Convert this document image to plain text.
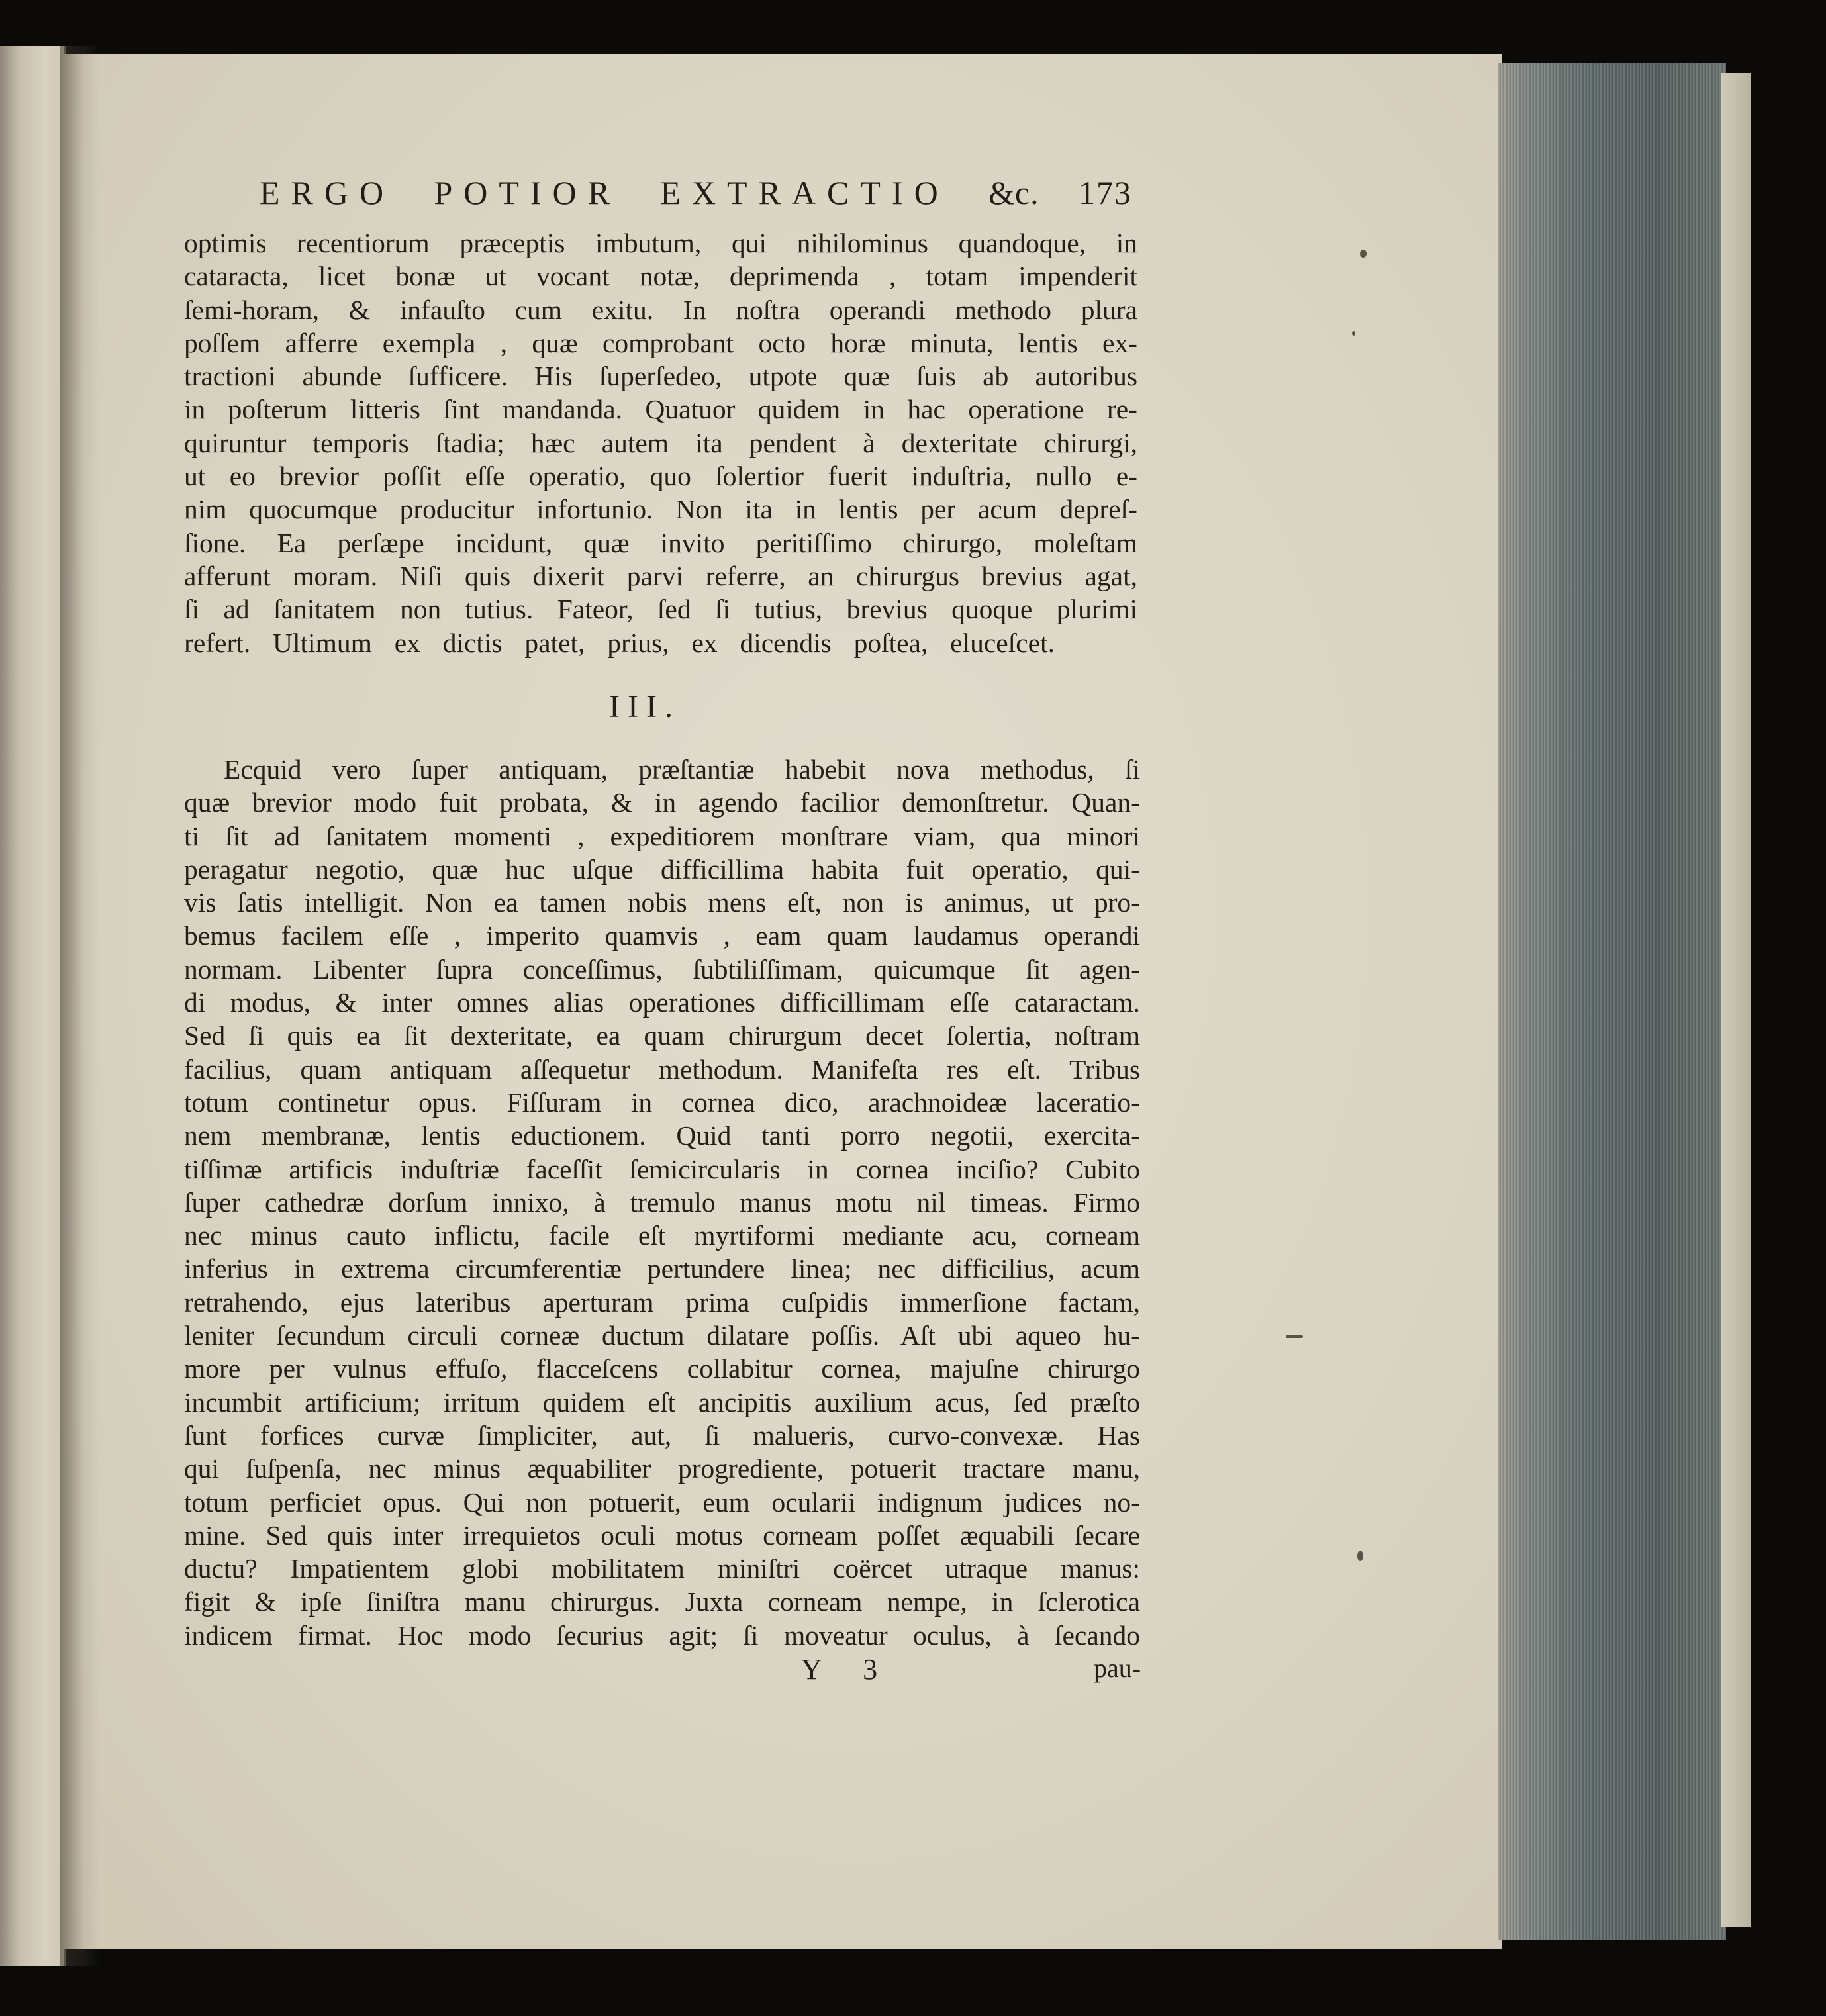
ERGO POTIOR EXTRACTIO &c. 173

optimis recentiorum præceptis imbutum, qui nihilominus quandoque, in
cataracta, licet bonæ ut vocant notæ, deprimenda , totam impenderit
ſemi-horam, & infauſto cum exitu. In noſtra operandi methodo plura
poſſem afferre exempla , quæ comprobant octo horæ minuta, lentis ex-
tractioni abunde ſufficere. His ſuperſedeo, utpote quæ ſuis ab autoribus
in poſterum litteris ſint mandanda. Quatuor quidem in hac operatione re-
quiruntur temporis ſtadia; hæc autem ita pendent à dexteritate chirurgi,
ut eo brevior poſſit eſſe operatio, quo ſolertior fuerit induſtria, nullo e-
nim quocumque producitur infortunio. Non ita in lentis per acum depreſ-
ſione. Ea perſæpe incidunt, quæ invito peritiſſimo chirurgo, moleſtam
afferunt moram. Niſi quis dixerit parvi referre, an chirurgus brevius agat,
ſi ad ſanitatem non tutius. Fateor, ſed ſi tutius, brevius quoque plurimi
refert. Ultimum ex dictis patet, prius, ex dicendis poſtea, eluceſcet.

III.

Ecquid vero ſuper antiquam, præſtantiæ habebit nova methodus, ſi
quæ brevior modo fuit probata, & in agendo facilior demonſtretur. Quan-
ti ſit ad ſanitatem momenti , expeditiorem monſtrare viam, qua minori
peragatur negotio, quæ huc uſque difficillima habita fuit operatio, qui-
vis ſatis intelligit. Non ea tamen nobis mens eſt, non is animus, ut pro-
bemus facilem eſſe , imperito quamvis , eam quam laudamus operandi
normam. Libenter ſupra conceſſimus, ſubtiliſſimam, quicumque ſit agen-
di modus, & inter omnes alias operationes difficillimam eſſe cataractam.
Sed ſi quis ea ſit dexteritate, ea quam chirurgum decet ſolertia, noſtram
facilius, quam antiquam aſſequetur methodum. Manifeſta res eſt. Tribus
totum continetur opus. Fiſſuram in cornea dico, arachnoideæ laceratio-
nem membranæ, lentis eductionem. Quid tanti porro negotii, exercita-
tiſſimæ artificis induſtriæ faceſſit ſemicircularis in cornea inciſio? Cubito
ſuper cathedræ dorſum innixo, à tremulo manus motu nil timeas. Firmo
nec minus cauto inflictu, facile eſt myrtiformi mediante acu, corneam
inferius in extrema circumferentiæ pertundere linea; nec difficilius, acum
retrahendo, ejus lateribus aperturam prima cuſpidis immerſione factam,
leniter ſecundum circuli corneæ ductum dilatare poſſis. Aſt ubi aqueo hu-
more per vulnus effuſo, flacceſcens collabitur cornea, majuſne chirurgo
incumbit artificium; irritum quidem eſt ancipitis auxilium acus, ſed præſto
ſunt forfices curvæ ſimpliciter, aut, ſi malueris, curvo-convexæ. Has
qui ſuſpenſa, nec minus æquabiliter progrediente, potuerit tractare manu,
totum perficiet opus. Qui non potuerit, eum ocularii indignum judices no-
mine. Sed quis inter irrequietos oculi motus corneam poſſet æquabili ſecare
ductu? Impatientem globi mobilitatem miniſtri coërcet utraque manus:
figit & ipſe ſiniſtra manu chirurgus. Juxta corneam nempe, in ſclerotica
indicem firmat. Hoc modo ſecurius agit; ſi moveatur oculus, à ſecando

Y 3	pau-
